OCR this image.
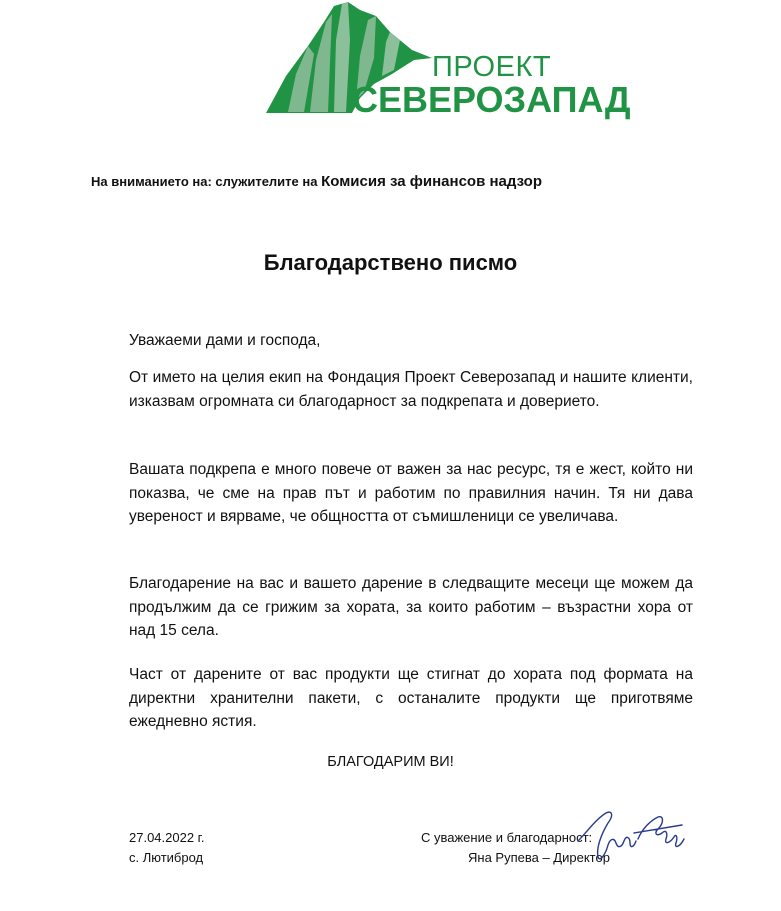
ПРОЕКТ
СЕВЕРОЗАПАД
На вниманието на: служителите на Комисия за финансов надзор
Благодарствено писмо
Уважаеми дами и господа,
От името на целия екип на Фондация Проект Северозапад и нашите клиенти, изказвам огромната си благодарност за подкрепата и доверието.
Вашата подкрепа е много повече от важен за нас ресурс, тя е жест, който ни показва, че сме на прав път и работим по правилния начин. Тя ни дава увереност и вярваме, че общността от съмишленици се увеличава.
Благодарение на вас и вашето дарение в следващите месеци ще можем да продължим да се грижим за хората, за които работим – възрастни хора от над 15 села.
Част от дарените от вас продукти ще стигнат до хората под формата на директни хранителни пакети, с останалите продукти ще приготвяме ежедневно ястия.
БЛАГОДАРИМ ВИ!
27.04.2022 г.
с. Лютиброд
С уважение и благодарност:
Яна Рупева – Директор
